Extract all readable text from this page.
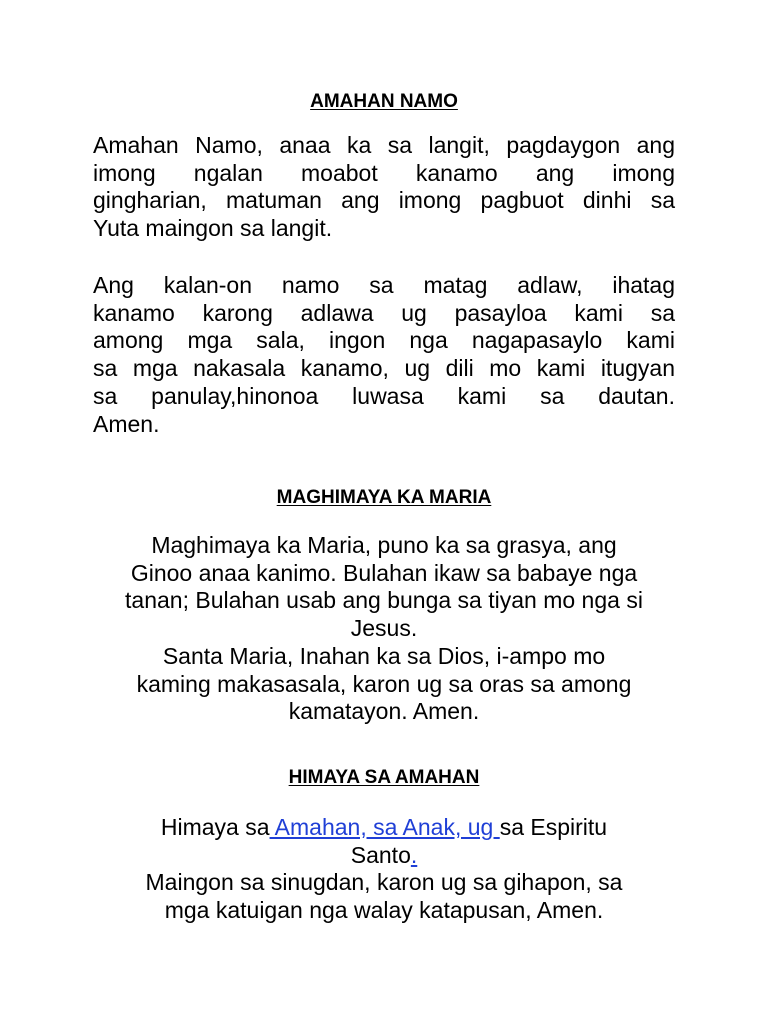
AMAHAN NAMO

Amahan Namo, anaa ka sa langit, pagdaygon ang
imong ngalan moabot kanamo ang imong
gingharian, matuman ang imong pagbuot dinhi sa
Yuta maingon sa langit.

Ang kalan-on namo sa matag adlaw, ihatag
kanamo karong adlawa ug pasayloa kami sa
among mga sala, ingon nga nagapasaylo kami
sa mga nakasala kanamo, ug dili mo kami itugyan
sa panulay,hinonoa luwasa kami sa dautan.
Amen.

MAGHIMAYA KA MARIA

Maghimaya ka Maria, puno ka sa grasya, ang
Ginoo anaa kanimo. Bulahan ikaw sa babaye nga
tanan; Bulahan usab ang bunga sa tiyan mo nga si
Jesus.
Santa Maria, Inahan ka sa Dios, i-ampo mo
kaming makasasala, karon ug sa oras sa among
kamatayon. Amen.

HIMAYA SA AMAHAN

Himaya sa Amahan, sa Anak, ug sa Espiritu
Santo.
Maingon sa sinugdan, karon ug sa gihapon, sa
mga katuigan nga walay katapusan, Amen.
